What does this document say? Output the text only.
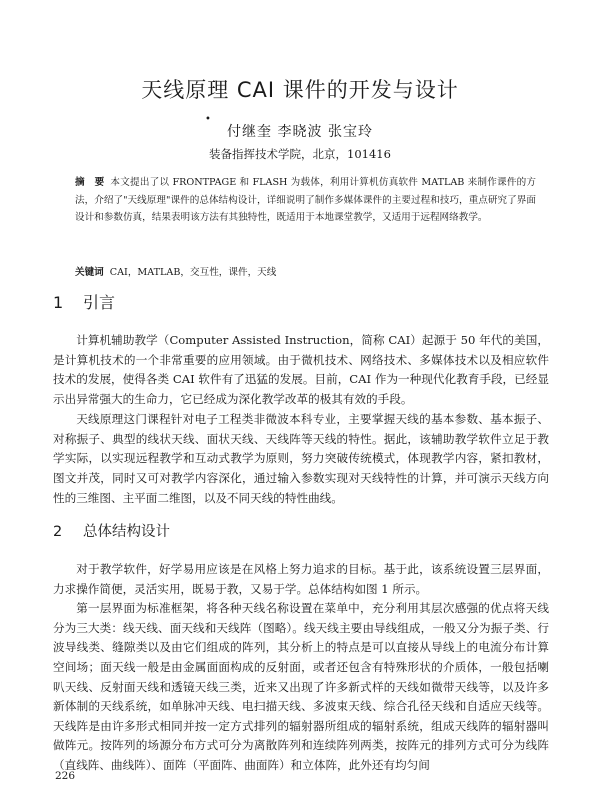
天线原理 CAI 课件的开发与设计
•
付继奎 李晓波 张宝玲
装备指挥技术学院，北京，101416
摘　要 本文提出了以 FRONTPAGE 和 FLASH 为载体，利用计算机仿真软件 MATLAB 来制作课件的方法，介绍了"天线原理"课件的总体结构设计，详细说明了制作多媒体课件的主要过程和技巧，重点研究了界面设计和参数仿真，结果表明该方法有其独特性，既适用于本地课堂教学，又适用于远程网络教学。
关键词 CAI，MATLAB，交互性，课件，天线
1 引言

计算机辅助教学（Computer Assisted Instruction，简称 CAI）起源于 50 年代的美国，是计算机技术的一个非常重要的应用领域。由于微机技术、网络技术、多媒体技术以及相应软件技术的发展，使得各类 CAI 软件有了迅猛的发展。目前，CAI 作为一种现代化教育手段，已经显示出异常强大的生命力，它已经成为深化教学改革的极其有效的手段。

天线原理这门课程针对电子工程类非微波本科专业，主要掌握天线的基本参数、基本振子、对称振子、典型的线状天线、面状天线、天线阵等天线的特性。据此，该辅助教学软件立足于教学实际，以实现远程教学和互动式教学为原则，努力突破传统模式，体现教学内容，紧扣教材，图文并茂，同时又可对教学内容深化，通过输入参数实现对天线特性的计算，并可演示天线方向性的三维图、主平面二维图，以及不同天线的特性曲线。

2 总体结构设计

对于教学软件，好学易用应该是在风格上努力追求的目标。基于此，该系统设置三层界面，力求操作简便，灵活实用，既易于教，又易于学。总体结构如图 1 所示。

第一层界面为标准框架，将各种天线名称设置在菜单中，充分利用其层次感强的优点将天线分为三大类：线天线、面天线和天线阵（图略）。线天线主要由导线组成，一般又分为振子类、行波导线类、缝隙类以及由它们组成的阵列，其分析上的特点是可以直接从导线上的电流分布计算空间场；面天线一般是由金属面面构成的反射面，或者还包含有特殊形状的介质体，一般包括喇叭天线、反射面天线和透镜天线三类，近来又出现了许多新式样的天线如微带天线等，以及许多新体制的天线系统，如单脉冲天线、电扫描天线、多波束天线、综合孔径天线和自适应天线等。天线阵是由许多形式相同并按一定方式排列的辐射器所组成的辐射系统，组成天线阵的辐射器叫做阵元。按阵列的场源分布方式可分为离散阵列和连续阵列两类，按阵元的排列方式可分为线阵（直线阵、曲线阵）、面阵（平面阵、曲面阵）和立体阵，此外还有均匀间

226
